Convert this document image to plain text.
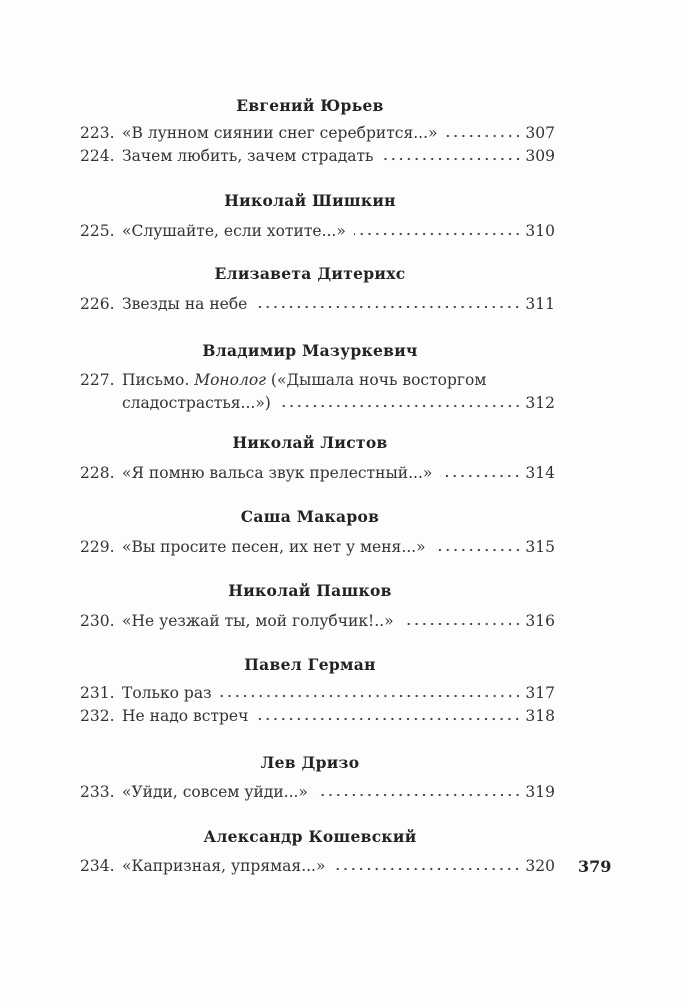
Евгений Юрьев
223. «В лунном сиянии снег серебрится...»	307
224. Зачем любить, зачем страдать	309
Николай Шишкин
225. «Слушайте, если хотите...»	310
Елизавета Дитерихс
226. Звезды на небе	311
Владимир Мазуркевич
227. Письмо. Монолог («Дышала ночь восторгом
сладострастья...»)	312
Николай Листов
228. «Я помню вальса звук прелестный...»	314
Саша Макаров
229. «Вы просите песен, их нет у меня...»	315
Николай Пашков
230. «Не уезжай ты, мой голубчик!..»	316
Павел Герман
231. Только раз	317
232. Не надо встреч	318
Лев Дризо
233. «Уйди, совсем уйди...»	319
Александр Кошевский
234. «Капризная, упрямая...»	320 379
